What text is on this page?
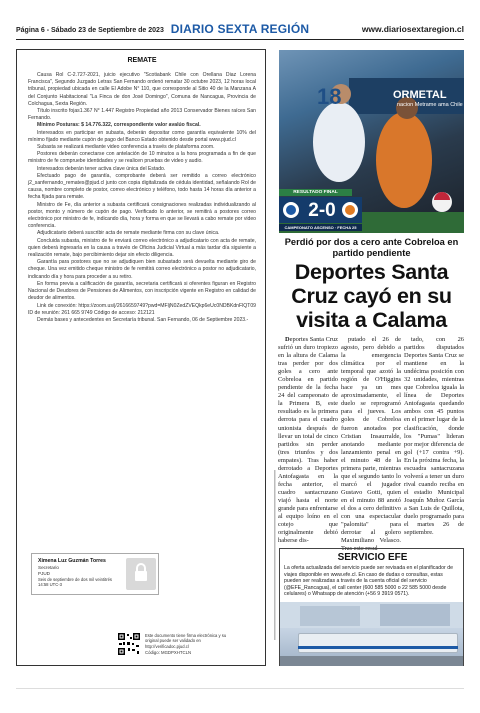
Página 6 - Sábado 23 de Septiembre de 2023 DIARIO SEXTA REGIÓN	www.diariosextaregion.cl
REMATE

Causa Rol C-2.727-2021, juicio ejecutivo "Scotiabank Chile con Orellana Diaz Lorena Francisca", Segundo Juzgado Letras San Fernando ordenó rematar 30 octubre 2023, 12 horas local tribunal, propiedad ubicada en calle El Adobe N° 110, que corresponde al Sitio 40 de la Manzana A del Conjunto Habitacional "La Finca de don José Domingo", Comuna de Nancagua, Provincia de Colchagua, Sexta Región.

Título inscrito fojas1.367 N° 1.447 Registro Propiedad año 2013 Conservador Bienes raíces San Fernando.

Mínimo Posturas: $ 14.776.322, correspondiente valor avalúo fiscal.

Interesados en participar en subasta, deberán depositar como garantía equivalente 10% del mínimo fijado mediante cupón de pago del Banco Estado obtenido desde portal www.pjud.cl

Subasta se realizará mediante video conferencia a través de plataforma zoom.

Postores deberán conectarse con antelación de 10 minutos a la hora programada a fin de que ministro de fe compruebe identidades y se realicen pruebas de video y audio.

Interesados deberán tener activa clave única del Estado.

Efectuado pago de garantía, comprobante deberá ser remitido a correo electrónico j2_sanfernando_remates@pjud.cl junto con copia digitalizada de cédula identidad, señalando Rol de causa, nombre completo de postor, correo electrónico y teléfono, todo hasta 14 horas día anterior a fecha fijada para remate.

Ministro de Fe, día anterior a subasta certificará consignaciones realizadas individualizando al postor, monto y número de cupón de pago. Verificado lo anterior, se remitirá a postores correo electrónico por ministro de fe, indicando día, hora y forma en que se llevará a cabo remate por video conferencia.

Adjudicatario deberá suscribir acta de remate mediante firma con su clave única.

Concluida subasta, ministro de fe enviará correo electrónico a adjudicatario con acta de remate, quien deberá ingresarla en la causa a través de Oficina Judicial Virtual a más tardar día siguiente a realización remate, bajo percibimiento dejar sin efecto diligencia.

Garantía para postores que no se adjudiquen bien subastado será devuelta mediante giro de cheque. Una vez emitido cheque ministro de fe remitirá correo electrónico a postor no adjudicatario, indicando día y hora para proceder a su retiro.

En forma previa a calificación de garantía, secretaria certificará si oferentes figuran en Registro Nacional de Deudores de Pensiones de Alimentos, con inscripción vigente en Registro en calidad de deudor de alimentos.

Link de conexión: https://zoom.us/j/2616659749?pwd=MFljN0ZedZVEQkp6eUc0NDBKdnFlQT09 ID de reunión: 261 665 9749 Código de acceso: 212121

Demás bases y antecedentes en Secretaría tribunal. San Fernando, 06 de Septiembre 2023.-

Ximena Luz Guzmán Torres
Secretario
PJUD
Seis de septiembre de dos mil veintitrés 14:58 UTC-3
Este documento tiene firma electrónica y su original puede ser validado en http://verificadoc.pjud.cl
Código: MGDPXHTCLN
ORMETAL
nacion Metrame ama Chile
18
RESULTADO FINAL
2-0
CAMPEONATO ASCENSO · FECHA 25
Perdió por dos a cero ante Cobreloa en partido pendiente
Deportes Santa Cruz cayó en su visita a Calama

Deportes Santa Cruz sufrió un duro tropiezo en la altura de Calama tras perder por dos goles a cero ante Cobreloa en partido pendiente de la fecha 24 del campeonato de la Primera B, este resultado es la primera derrota para el cuadro unionista después de llevar un total de cinco partidos sin perder (tres triunfos y dos empates). Tras haber derrotado a Deportes Antofagasta en la fecha anterior, el cuadro santacruzano viajó hasta el norte grande para enfrentarse al equipo loíno en el cotejo que originalmente debió haberse dis-

putado el 26 de agosto, pero debido a la emergencia climática por el temporal que azotó la región de O'Higgins hace ya un mes aproximadamente, el duelo se reprogramó para el jueves. Los goles de Cobreloa fueron anotados por Cristian Insaurralde, anotando mediante lanzamiento penal en el minuto 48 de la primera parte, mientras que el segundo tanto lo marcó el jugador Gustavo Gotti, quien en el minuto 88 anotó el dos a cero definitivo con una espectacular "palomita" para derrotar al golero Maximiliano Velasco. Tras este resul-

tado, con 26 partidos disputados Deportes Santa Cruz se mantiene en la undécima posición con 32 unidades, mientras que Cobreloa iguala la línea de Deportes Antofagasta quedando ambos con 45 puntos en el primer lugar de la clasificación, donde los "Pumas" lideran por mejor diferencia de gol (+17 contra +9). En la próxima fecha, la escuadra santacruzana volverá a tener un duro rival cuando reciba en el estadio Municipal Joaquín Muñoz García a San Luis de Quillota, duelo programado para el martes 26 de septiembre.

SERVICIO EFE
La oferta actualizada del servicio puede ser revisada en el planificador de viajes disponible en www.efe.cl. En caso de dudas o consultas, estas pueden ser realizadas a través de la cuenta oficial del servicio (@EFE_Rancagua), el call center (600 585 5000 o 22 585 5000 desde celulares) o Whatsapp de atención (+56 9 3919 0571).
